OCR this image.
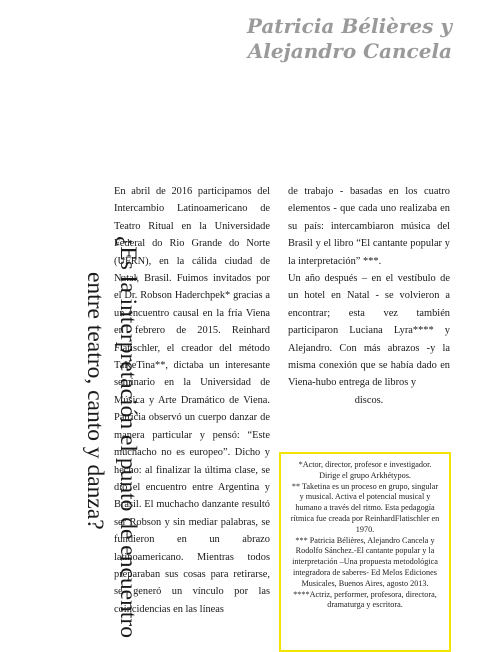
Patricia Bélières y
Alejandro Cancela
¿Es la interpretación el punto de encuentro
entre teatro, canto y danza?

En abril de 2016 participamos del Intercambio Latinoamericano de Teatro Ritual en la Universidade Federal do Rio Grande do Norte (UFRN), en la cálida ciudad de Natal, Brasil. Fuimos invitados por el Dr. Robson Haderchpek* gracias a un encuentro causal en la fría Viena en febrero de 2015. Reinhard Flatischler, el creador del método TaKeTina**, dictaba un interesante seminario en la Universidad de Música y Arte Dramático de Viena. Patricia observó un cuerpo danzar de manera particular y pensó: “Este muchacho no es europeo”. Dicho y hecho: al finalizar la última clase, se dio el encuentro entre Argentina y Brasil. El muchacho danzante resultó ser Robson y sin mediar palabras, se fundieron en un abrazo latinoamericano. Mientras todos preparaban sus cosas para retirarse, se generó un vínculo por las coincidencias en las líneas

de trabajo - basadas en los cuatro elementos - que cada uno realizaba en su país: intercambiaron música del Brasil y el libro “El cantante popular y la interpretación” ***.

Un año después – en el vestíbulo de un hotel en Natal - se volvieron a encontrar; esta vez también participaron Luciana Lyra**** y Alejandro. Con más abrazos -y la misma conexión que se había dado en Viena-hubo entrega de libros y

discos.

*Actor, director, profesor e investigador. Dirige el grupo Arkhétypos.

** Taketina es un proceso en grupo, singular y musical. Activa el potencial musical y humano a través del ritmo. Esta pedagogía rítmica fue creada por ReinhardFlatischler en 1970.

*** Patricia Bélières, Alejandro Cancela y Rodolfo Sánchez.-El cantante popular y la interpretación –Una propuesta metodológica integradora de saberes- Ed Melos Ediciones Musicales, Buenos Aires, agosto 2013.

****Actriz, performer, profesora, directora, dramaturga y escritora.
